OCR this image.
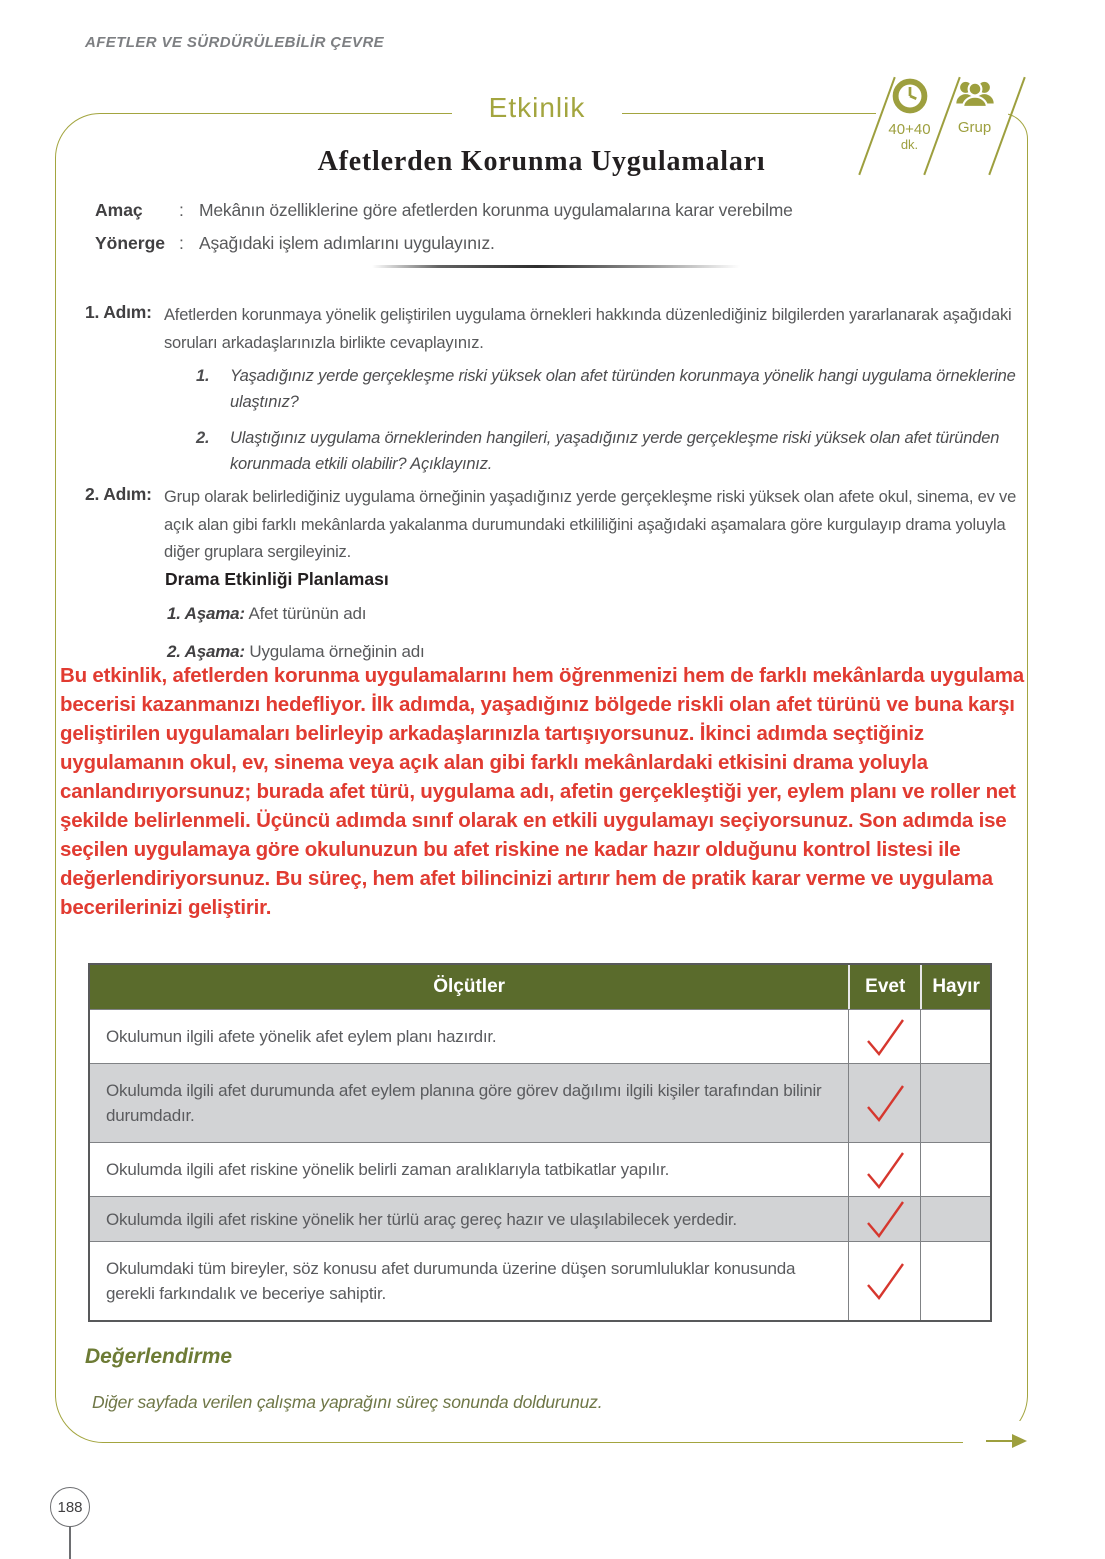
AFETLER VE SÜRDÜRÜLEBİLİR ÇEVRE
Etkinlik
40+40
dk.
Grup
Afetlerden Korunma Uygulamaları
Amaç	: Mekânın özelliklerine göre afetlerden korunma uygulamalarına karar verebilme
Yönerge : Aşağıdaki işlem adımlarını uygulayınız.
1. Adım: Afetlerden korunmaya yönelik geliştirilen uygulama örnekleri hakkında düzenlediğiniz bilgilerden yararlanarak aşağıdaki soruları arkadaşlarınızla birlikte cevaplayınız.
1.	Yaşadığınız yerde gerçekleşme riski yüksek olan afet türünden korunmaya yönelik hangi uygulama örneklerine ulaştınız?
2.	Ulaştığınız uygulama örneklerinden hangileri, yaşadığınız yerde gerçekleşme riski yüksek olan afet türünden korunmada etkili olabilir? Açıklayınız.
2. Adım: Grup olarak belirlediğiniz uygulama örneğinin yaşadığınız yerde gerçekleşme riski yüksek olan afete okul, sinema, ev ve açık alan gibi farklı mekânlarda yakalanma durumundaki etkililiğini aşağıdaki aşamalara göre kurgulayıp drama yoluyla diğer gruplara sergileyiniz.
Drama Etkinliği Planlaması
1. Aşama: Afet türünün adı
2. Aşama: Uygulama örneğinin adı
Bu etkinlik, afetlerden korunma uygulamalarını hem öğrenmenizi hem de farklı mekânlarda uygulama becerisi kazanmanızı hedefliyor. İlk adımda, yaşadığınız bölgede riskli olan afet türünü ve buna karşı geliştirilen uygulamaları belirleyip arkadaşlarınızla tartışıyorsunuz. İkinci adımda seçtiğiniz uygulamanın okul, ev, sinema veya açık alan gibi farklı mekânlardaki etkisini drama yoluyla canlandırıyorsunuz; burada afet türü, uygulama adı, afetin gerçekleştiği yer, eylem planı ve roller net şekilde belirlenmeli. Üçüncü adımda sınıf olarak en etkili uygulamayı seçiyorsunuz. Son adımda ise seçilen uygulamaya göre okulunuzun bu afet riskine ne kadar hazır olduğunu kontrol listesi ile değerlendiriyorsunuz. Bu süreç, hem afet bilincinizi artırır hem de pratik karar verme ve uygulama becerilerinizi geliştirir.
Ölçütler	Evet	Hayır
Okulumun ilgili afete yönelik afet eylem planı hazırdır.
Okulumda ilgili afet durumunda afet eylem planına göre görev dağılımı ilgili kişiler tarafından bilinir durumdadır.
Okulumda ilgili afet riskine yönelik belirli zaman aralıklarıyla tatbikatlar yapılır.
Okulumda ilgili afet riskine yönelik her türlü araç gereç hazır ve ulaşılabilecek yerdedir.
Okulumdaki tüm bireyler, söz konusu afet durumunda üzerine düşen sorumluluklar konusunda gerekli farkındalık ve beceriye sahiptir.
Değerlendirme
Diğer sayfada verilen çalışma yaprağını süreç sonunda doldurunuz.
188
